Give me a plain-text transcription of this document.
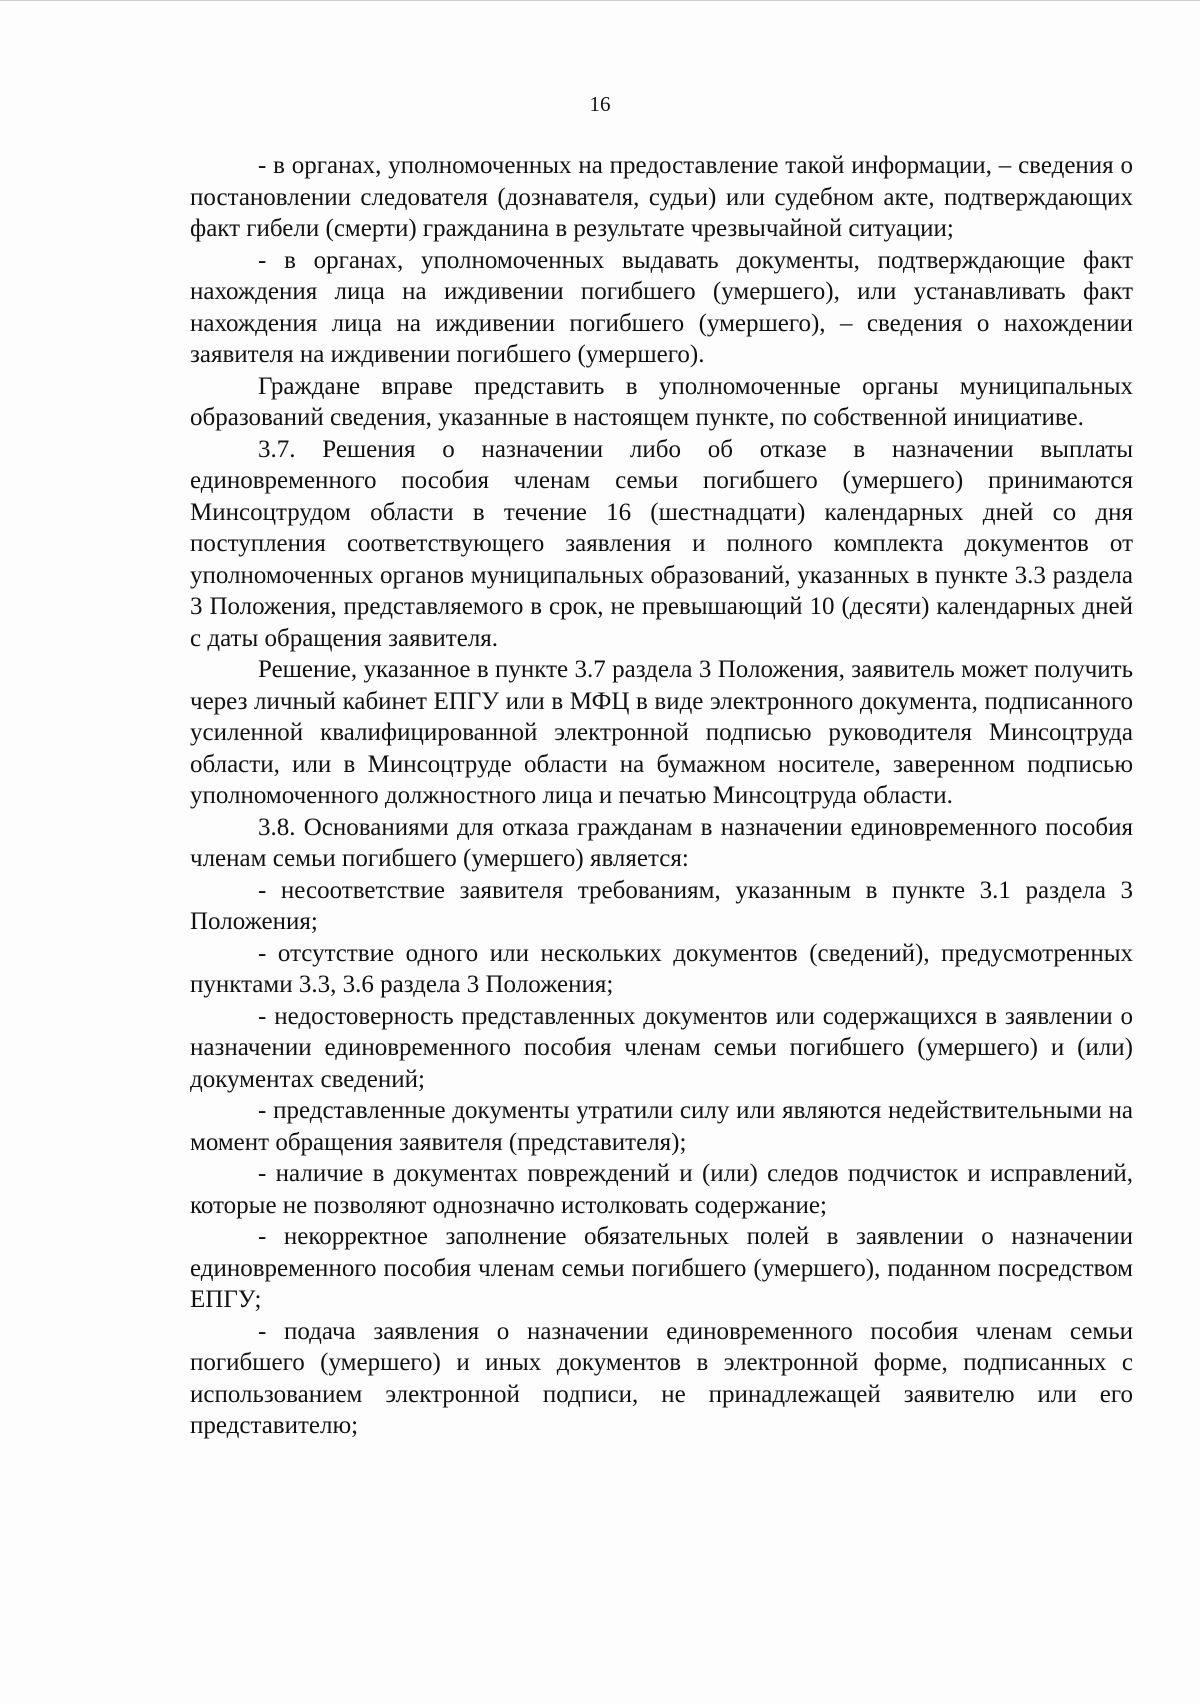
16

- в органах, уполномоченных на предоставление такой информации, – сведения о постановлении следователя (дознавателя, судьи) или судебном акте, подтверждающих факт гибели (смерти) гражданина в результате чрезвычайной ситуации;

- в органах, уполномоченных выдавать документы, подтверждающие факт нахождения лица на иждивении погибшего (умершего), или устанавливать факт нахождения лица на иждивении погибшего (умершего), – сведения о нахождении заявителя на иждивении погибшего (умершего).

Граждане вправе представить в уполномоченные органы муниципальных образований сведения, указанные в настоящем пункте, по собственной инициативе.

3.7. Решения о назначении либо об отказе в назначении выплаты единовременного пособия членам семьи погибшего (умершего) принимаются Минсоцтрудом области в течение 16 (шестнадцати) календарных дней со дня поступления соответствующего заявления и полного комплекта документов от уполномоченных органов муниципальных образований, указанных в пункте 3.3 раздела 3 Положения, представляемого в срок, не превышающий 10 (десяти) календарных дней с даты обращения заявителя.

Решение, указанное в пункте 3.7 раздела 3 Положения, заявитель может получить через личный кабинет ЕПГУ или в МФЦ в виде электронного документа, подписанного усиленной квалифицированной электронной подписью руководителя Минсоцтруда области, или в Минсоцтруде области на бумажном носителе, заверенном подписью уполномоченного должностного лица и печатью Минсоцтруда области.

3.8. Основаниями для отказа гражданам в назначении единовременного пособия членам семьи погибшего (умершего) является:

- несоответствие заявителя требованиям, указанным в пункте 3.1 раздела 3 Положения;

- отсутствие одного или нескольких документов (сведений), предусмотренных пунктами 3.3, 3.6 раздела 3 Положения;

- недостоверность представленных документов или содержащихся в заявлении о назначении единовременного пособия членам семьи погибшего (умершего) и (или) документах сведений;

- представленные документы утратили силу или являются недействительными на момент обращения заявителя (представителя);

- наличие в документах повреждений и (или) следов подчисток и исправлений, которые не позволяют однозначно истолковать содержание;

- некорректное заполнение обязательных полей в заявлении о назначении единовременного пособия членам семьи погибшего (умершего), поданном посредством ЕПГУ;

- подача заявления о назначении единовременного пособия членам семьи погибшего (умершего) и иных документов в электронной форме, подписанных с использованием электронной подписи, не принадлежащей заявителю или его представителю;
